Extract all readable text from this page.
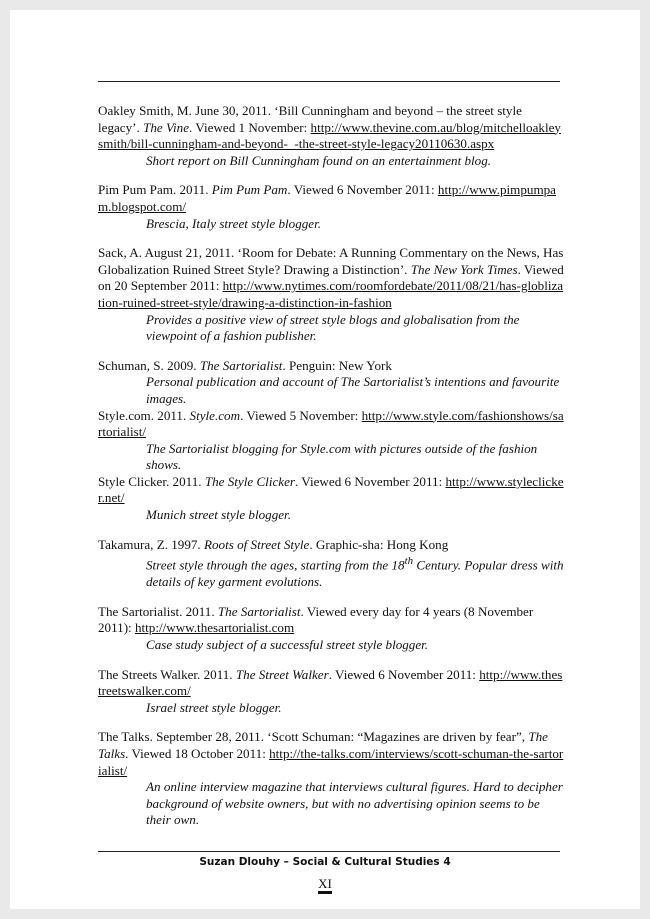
Oakley Smith, M. June 30, 2011. ‘Bill Cunningham and beyond – the street style legacy’. The Vine. Viewed 1 November: http://www.thevine.com.au/blog/mitchelloakleysmith/bill-cunningham-and-beyond-_-the-street-style-legacy20110630.aspx
Short report on Bill Cunningham found on an entertainment blog.
Pim Pum Pam. 2011. Pim Pum Pam. Viewed 6 November 2011: http://www.pimpumpam.blogspot.com/
Brescia, Italy street style blogger.
Sack, A. August 21, 2011. ‘Room for Debate: A Running Commentary on the News, Has Globalization Ruined Street Style? Drawing a Distinction’. The New York Times. Viewed on 20 September 2011: http://www.nytimes.com/roomfordebate/2011/08/21/has-globlization-ruined-street-style/drawing-a-distinction-in-fashion
Provides a positive view of street style blogs and globalisation from the viewpoint of a fashion publisher.
Schuman, S. 2009. The Sartorialist. Penguin: New York
Personal publication and account of The Sartorialist’s intentions and favourite images.
Style.com. 2011. Style.com. Viewed 5 November: http://www.style.com/fashionshows/sartorialist/
The Sartorialist blogging for Style.com with pictures outside of the fashion shows.
Style Clicker. 2011. The Style Clicker. Viewed 6 November 2011: http://www.styleclicker.net/
Munich street style blogger.
Takamura, Z. 1997. Roots of Street Style. Graphic-sha: Hong Kong
Street style through the ages, starting from the 18th Century. Popular dress with details of key garment evolutions.
The Sartorialist. 2011. The Sartorialist. Viewed every day for 4 years (8 November 2011): http://www.thesartorialist.com
Case study subject of a successful street style blogger.
The Streets Walker. 2011. The Street Walker. Viewed 6 November 2011: http://www.thestreetswalker.com/
Israel street style blogger.
The Talks. September 28, 2011. ‘Scott Schuman: “Magazines are driven by fear”, The Talks. Viewed 18 October 2011: http://the-talks.com/interviews/scott-schuman-the-sartorialist/
An online interview magazine that interviews cultural figures. Hard to decipher background of website owners, but with no advertising opinion seems to be their own.
Suzan Dlouhy – Social & Cultural Studies 4
XI
